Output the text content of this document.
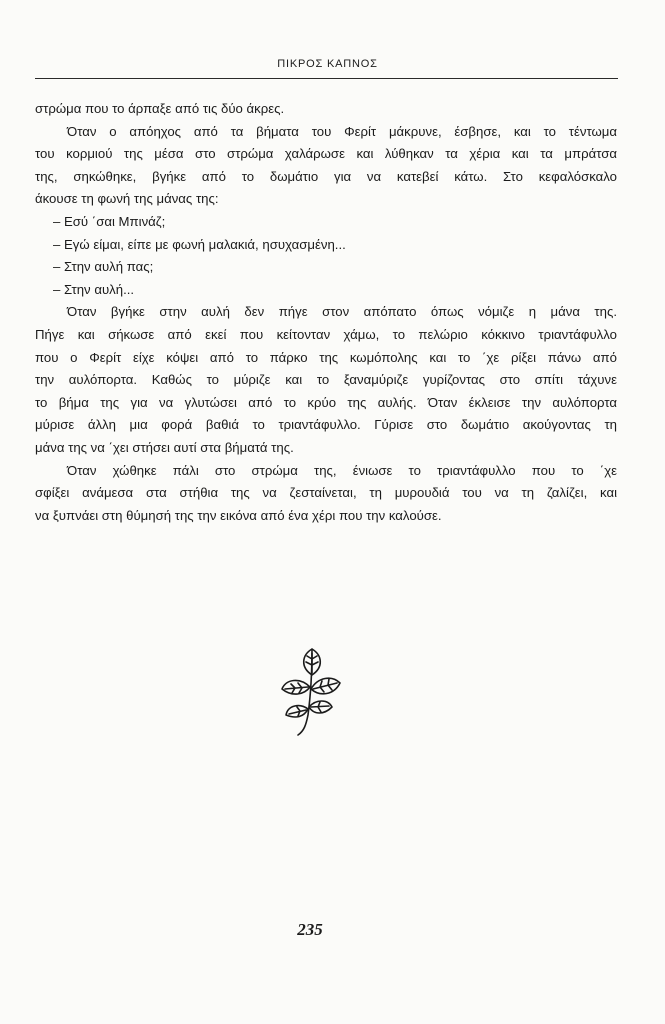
ΠΙΚΡΟΣ ΚΑΠΝΟΣ

στρώμα που το άρπαξε από τις δύο άκρες.

Όταν ο απόηχος από τα βήματα του Φερίτ μάκρυνε, έσβησε, και το τέντωμα

του κορμιού της μέσα στο στρώμα χαλάρωσε και λύθηκαν τα χέρια και τα μπράτσα

της, σηκώθηκε, βγήκε από το δωμάτιο για να κατεβεί κάτω. Στο κεφαλόσκαλο

άκουσε τη φωνή της μάνας της:

– Εσύ ΄σαι Μπινάζ;

– Εγώ είμαι, είπε με φωνή μαλακιά, ησυχασμένη...

– Στην αυλή πας;

– Στην αυλή...

Όταν βγήκε στην αυλή δεν πήγε στον απόπατο όπως νόμιζε η μάνα της.

Πήγε και σήκωσε από εκεί που κείτονταν χάμω, το πελώριο κόκκινο τριαντάφυλλο

που ο Φερίτ είχε κόψει από το πάρκο της κωμόπολης και το ΄χε ρίξει πάνω από

την αυλόπορτα. Καθώς το μύριζε και το ξαναμύριζε γυρίζοντας στο σπίτι τάχυνε

το βήμα της για να γλυτώσει από το κρύο της αυλής. Όταν έκλεισε την αυλόπορτα

μύρισε άλλη μια φορά βαθιά το τριαντάφυλλο. Γύρισε στο δωμάτιο ακούγοντας τη

μάνα της να ΄χει στήσει αυτί στα βήματά της.

Όταν χώθηκε πάλι στο στρώμα της, ένιωσε το τριαντάφυλλο που το ΄χε

σφίξει ανάμεσα στα στήθια της να ζεσταίνεται, τη μυρουδιά του να τη ζαλίζει, και

να ξυπνάει στη θύμησή της την εικόνα από ένα χέρι που την καλούσε.

235
